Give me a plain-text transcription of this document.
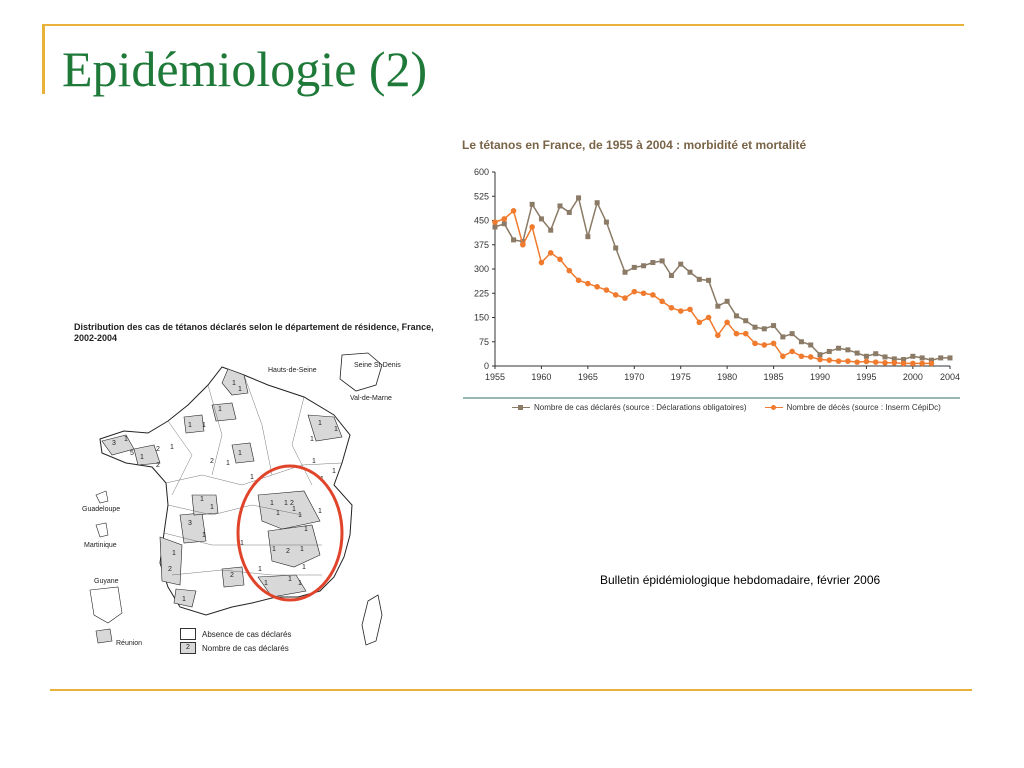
Epidémiologie (2)
Distribution des cas de tétanos déclarés selon le département de résidence, France, 2002-2004
1
1
1
1 1
3
1
5
2
1
2
1
1
1
1
1
1 1
1
1
1
2
1
1
1
3
1
1
2
2
1
2 1
1
1
1
1
1
1
2 1
1
1
1
1
1
1
Hauts-de-Seine
Seine St-Denis
Val-de-Marne
Guadeloupe
Martinique
Guyane
Réunion
Absence de cas déclarés
2	Nombre de cas déclarés
Le tétanos en France, de 1955 à 2004 : morbidité et mortalité
0
75
150
225
300
375
450
525
600
1955	1960	1965	1970	1975	1980	1985	1990	1995	2000 2004
Nombre de cas déclarés (source : Déclarations obligatoires)	Nombre de décès (source : Inserm CépiDc)
Bulletin épidémiologique hebdomadaire, février 2006
